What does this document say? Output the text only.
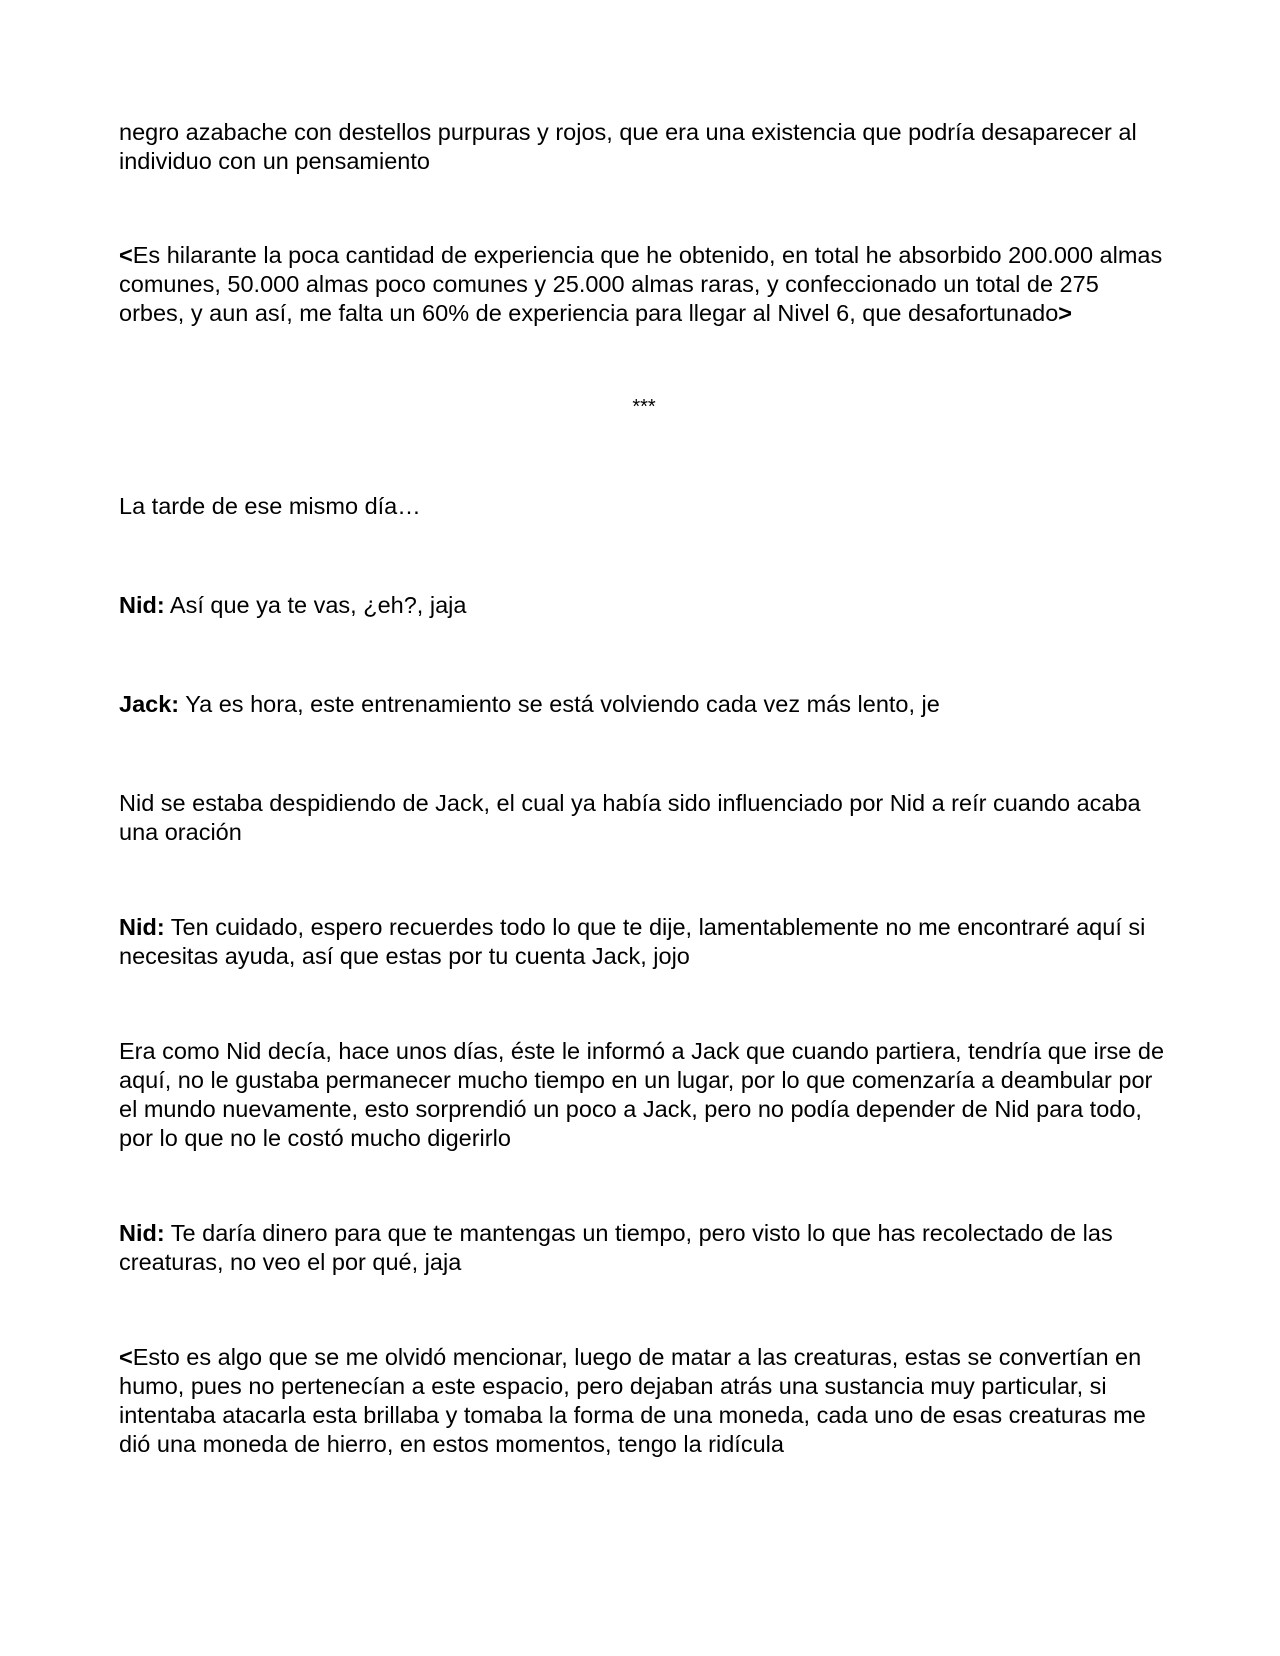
negro azabache con destellos purpuras y rojos, que era una existencia que podría desaparecer al individuo con un pensamiento

<Es hilarante la poca cantidad de experiencia que he obtenido, en total he absorbido 200.000 almas comunes, 50.000 almas poco comunes y 25.000 almas raras, y confeccionado un total de 275 orbes, y aun así, me falta un 60% de experiencia para llegar al Nivel 6, que desafortunado>

***

La tarde de ese mismo día…

Nid: Así que ya te vas, ¿eh?, jaja

Jack: Ya es hora, este entrenamiento se está volviendo cada vez más lento, je

Nid se estaba despidiendo de Jack, el cual ya había sido influenciado por Nid a reír cuando acaba una oración

Nid: Ten cuidado, espero recuerdes todo lo que te dije, lamentablemente no me encontraré aquí si necesitas ayuda, así que estas por tu cuenta Jack, jojo

Era como Nid decía, hace unos días, éste le informó a Jack que cuando partiera, tendría que irse de aquí, no le gustaba permanecer mucho tiempo en un lugar, por lo que comenzaría a deambular por el mundo nuevamente, esto sorprendió un poco a Jack, pero no podía depender de Nid para todo, por lo que no le costó mucho digerirlo

Nid: Te daría dinero para que te mantengas un tiempo, pero visto lo que has recolectado de las creaturas, no veo el por qué, jaja

<Esto es algo que se me olvidó mencionar, luego de matar a las creaturas, estas se convertían en humo, pues no pertenecían a este espacio, pero dejaban atrás una sustancia muy particular, si intentaba atacarla esta brillaba y tomaba la forma de una moneda, cada uno de esas creaturas me dió una moneda de hierro, en estos momentos, tengo la ridícula
